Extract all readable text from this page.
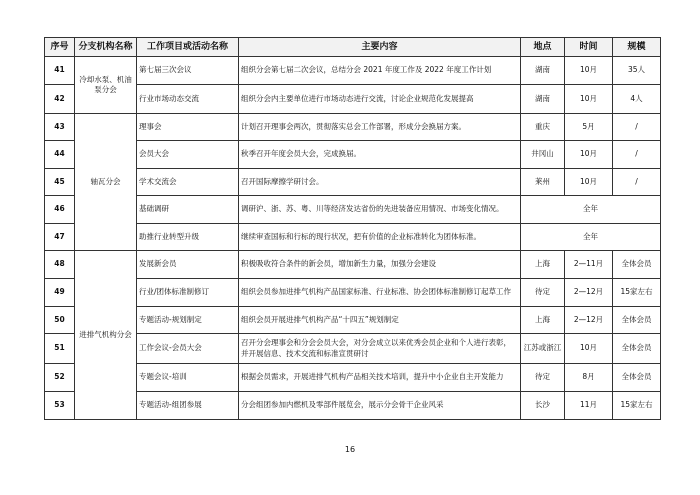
序号	分支机构名称	工作项目或活动名称	主要内容	地点	时间	规模
41	冷却水泵、机油泵分会	第七届三次会议	组织分会第七届二次会议，总结分会 2021 年度工作及 2022 年度工作计划	湖南	10月	35人
42		行业市场动态交流	组织分会内主要单位进行市场动态进行交流，讨论企业规范化发展提高	湖南	10月	4人
43	轴瓦分会	理事会	计划召开理事会两次，贯彻落实总会工作部署，形成分会换届方案。	重庆	5月	/
44		会员大会	秋季召开年度会员大会，完成换届。	井冈山	10月	/
45		学术交流会	召开国际摩擦学研讨会。	莱州	10月	/
46		基础调研	调研沪、浙、苏、粤、川等经济发达省份的先进装备应用情况、市场变化情况。	全年		
47		助推行业转型升级	继续审查国标和行标的现行状况，把有价值的企业标准转化为团体标准。	全年		
48	进排气机构分会	发展新会员	积极吸收符合条件的新会员，增加新生力量，加强分会建设	上海	2—11月	全体会员
49		行业/团体标准制修订	组织会员参加进排气机构产品国家标准、行业标准、协会团体标准制修订起草工作	待定	2—12月	15家左右
50		专题活动-规划制定	组织会员开展进排气机构产品“十四五”规划制定	上海	2—12月	全体会员
51		工作会议-会员大会	召开分会理事会和分会会员大会，对分会成立以来优秀会员企业和个人进行表彰，并开展信息、技术交流和标准宣贯研讨	江苏或浙江	10月	全体会员
52		专题会议-培训	根据会员需求，开展进排气机构产品相关技术培训，提升中小企业自主开发能力	待定	8月	全体会员
53		专题活动-组团参展	分会组团参加内燃机及零部件展览会，展示分会骨干企业风采	长沙	11月	15家左右
16
